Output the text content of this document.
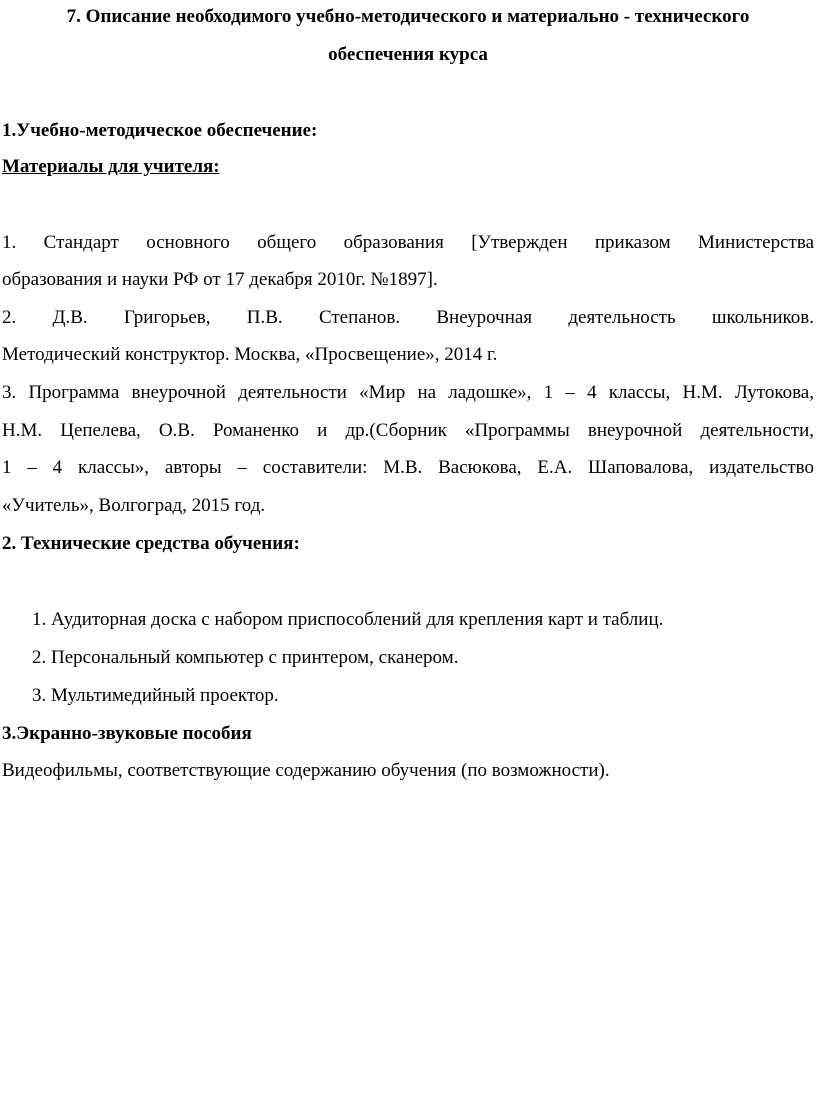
7. Описание необходимого учебно-методического и материально - технического
обеспечения курса
1.Учебно-методическое обеспечение:
Материалы для учителя:
1. Стандарт основного общего образования [Утвержден приказом Министерства
образования и науки РФ от 17 декабря 2010г. №1897].
2. Д.В. Григорьев, П.В. Степанов. Внеурочная деятельность школьников.
Методический конструктор. Москва, «Просвещение», 2014 г.
3. Программа внеурочной деятельности «Мир на ладошке», 1 – 4 классы, Н.М. Лутокова,
Н.М. Цепелева, О.В. Романенко и др.(Сборник «Программы внеурочной деятельности,
1 – 4 классы», авторы – составители: М.В. Васюкова, Е.А. Шаповалова, издательство
«Учитель», Волгоград, 2015 год.
2. Технические средства обучения:
1. Аудиторная доска с набором приспособлений для крепления карт и таблиц.
2. Персональный компьютер с принтером, сканером.
3. Мультимедийный проектор.
3.Экранно-звуковые пособия
Видеофильмы, соответствующие содержанию обучения (по возможности).
